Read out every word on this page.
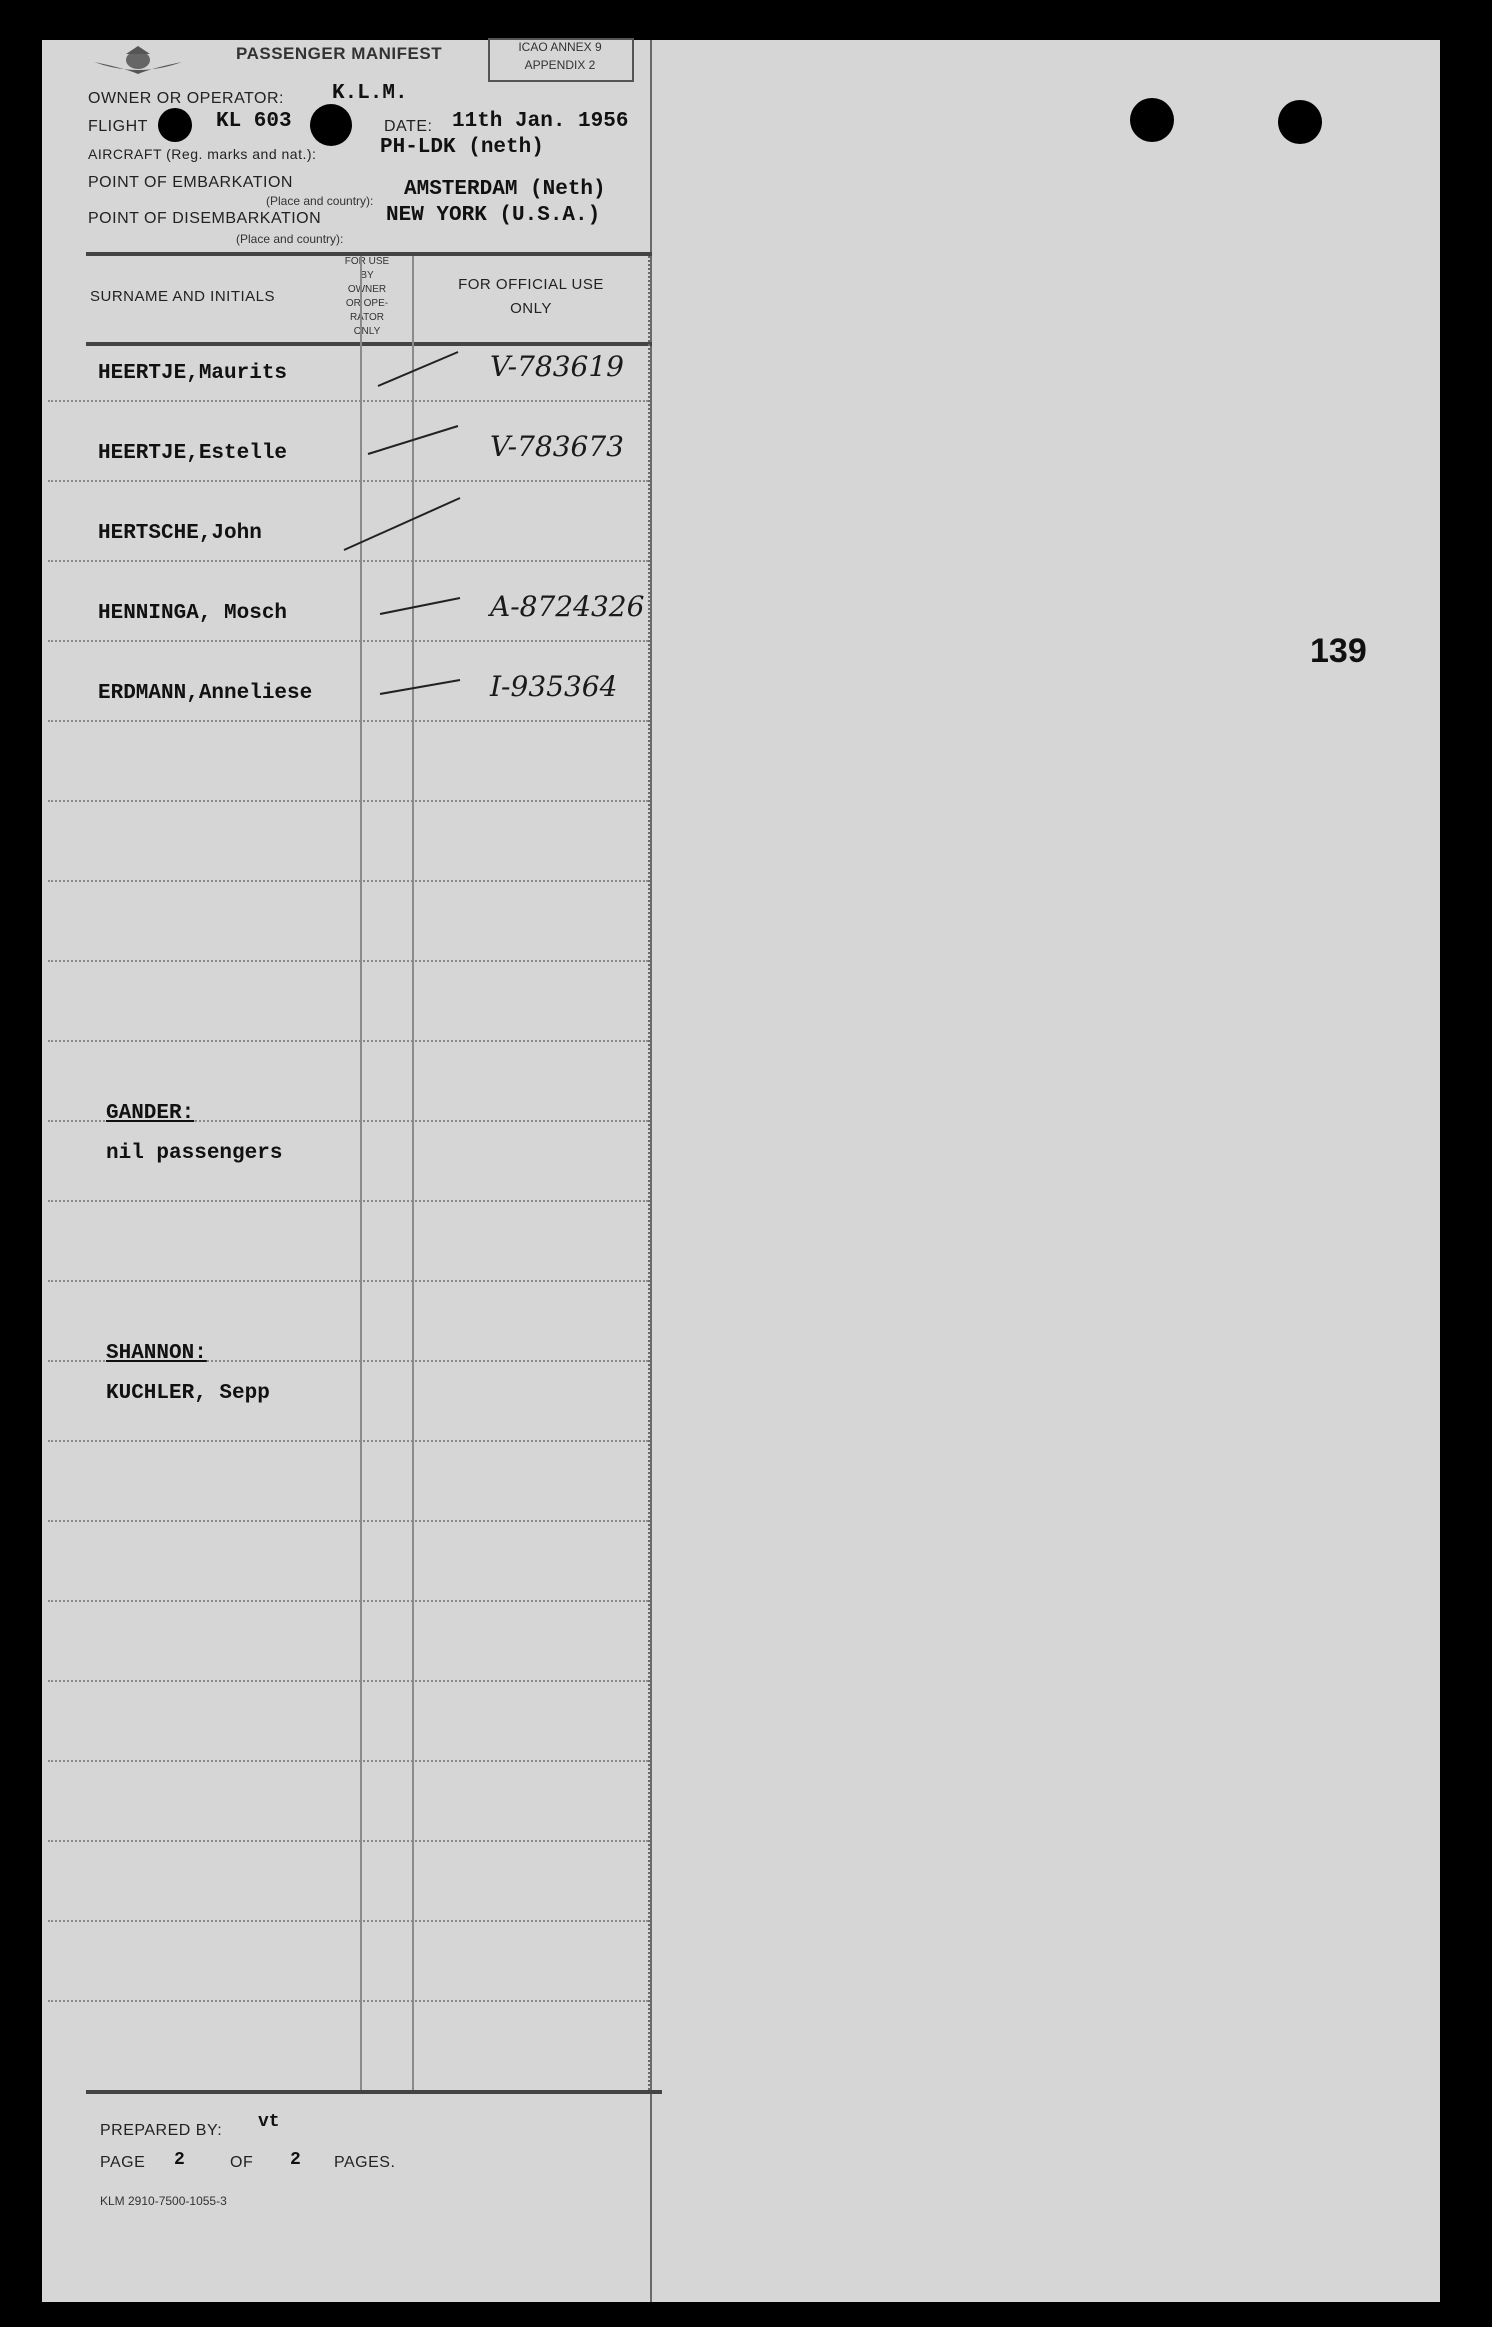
139
PASSENGER MANIFEST	ICAO ANNEX 9
APPENDIX 2
OWNER OR OPERATOR: K.L.M.
FLIGHT	KL 603	DATE: 11th Jan. 1956
AIRCRAFT (Reg. marks and nat.):	PH-LDK (neth)
POINT OF EMBARKATION
(Place and country): AMSTERDAM (Neth)
POINT OF DISEMBARKATION
(Place and country):
NEW YORK (U.S.A.)
SURNAME AND INITIALS
FOR USE
BY
OWNER
OR OPE-
RATOR
ONLY
FOR OFFICIAL USE
ONLY
HEERTJE,Maurits	V-783619
HEERTJE,Estelle	V-783673
HERTSCHE,John
HENNINGA, Mosch	A-8724326
ERDMANN,Anneliese	I-935364
GANDER:
nil passengers
SHANNON:
KUCHLER, Sepp
PREPARED BY: vt
PAGE 2	OF 2 PAGES.
KLM 2910-7500-1055-3
